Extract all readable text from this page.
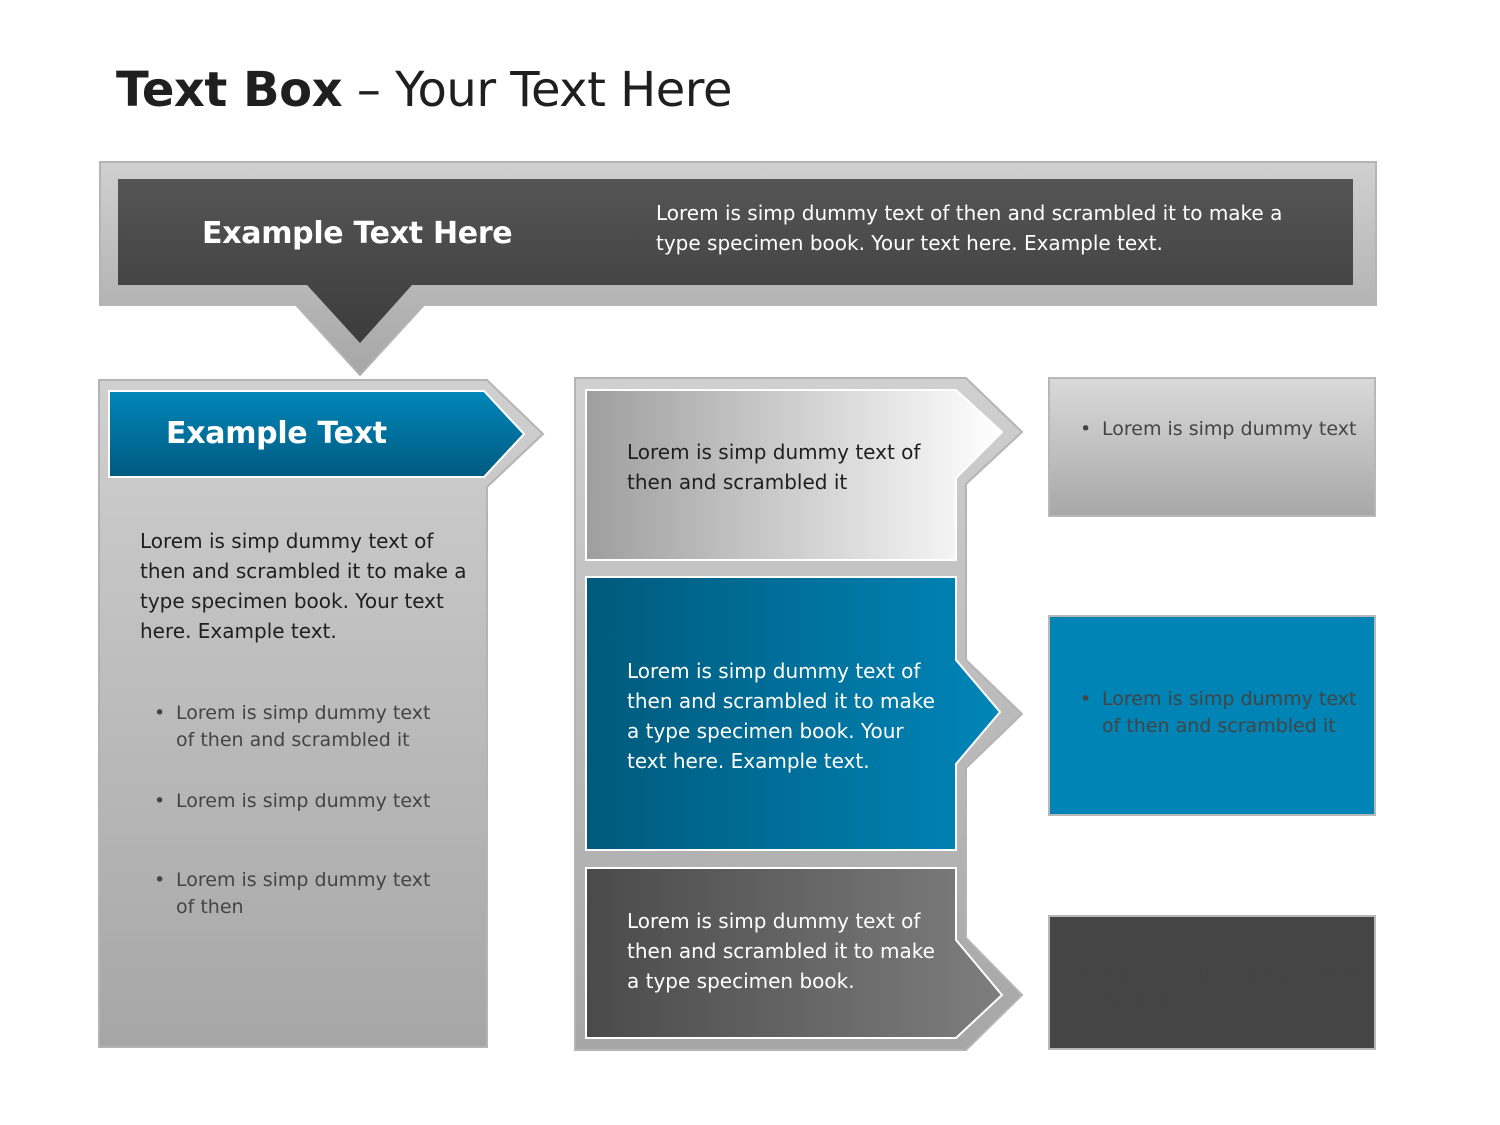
Text Box – Your Text Here
Example Text Here
Lorem is simp dummy text of then and scrambled it to make a type specimen book. Your text here. Example text.
Example Text
Lorem is simp dummy text of then and scrambled it to make a type specimen book. Your text here. Example text.
• Lorem is simp dummy text of then and scrambled it
• Lorem is simp dummy text
• Lorem is simp dummy text of then
Lorem is simp dummy text of then and scrambled it
Lorem is simp dummy text of then and scrambled it to make a type specimen book. Your text here. Example text.
Lorem is simp dummy text of then and scrambled it to make a type specimen book.
• Lorem is simp dummy text
• Lorem is simp dummy text of then and scrambled it
• Lorem is simp dummy text of then
